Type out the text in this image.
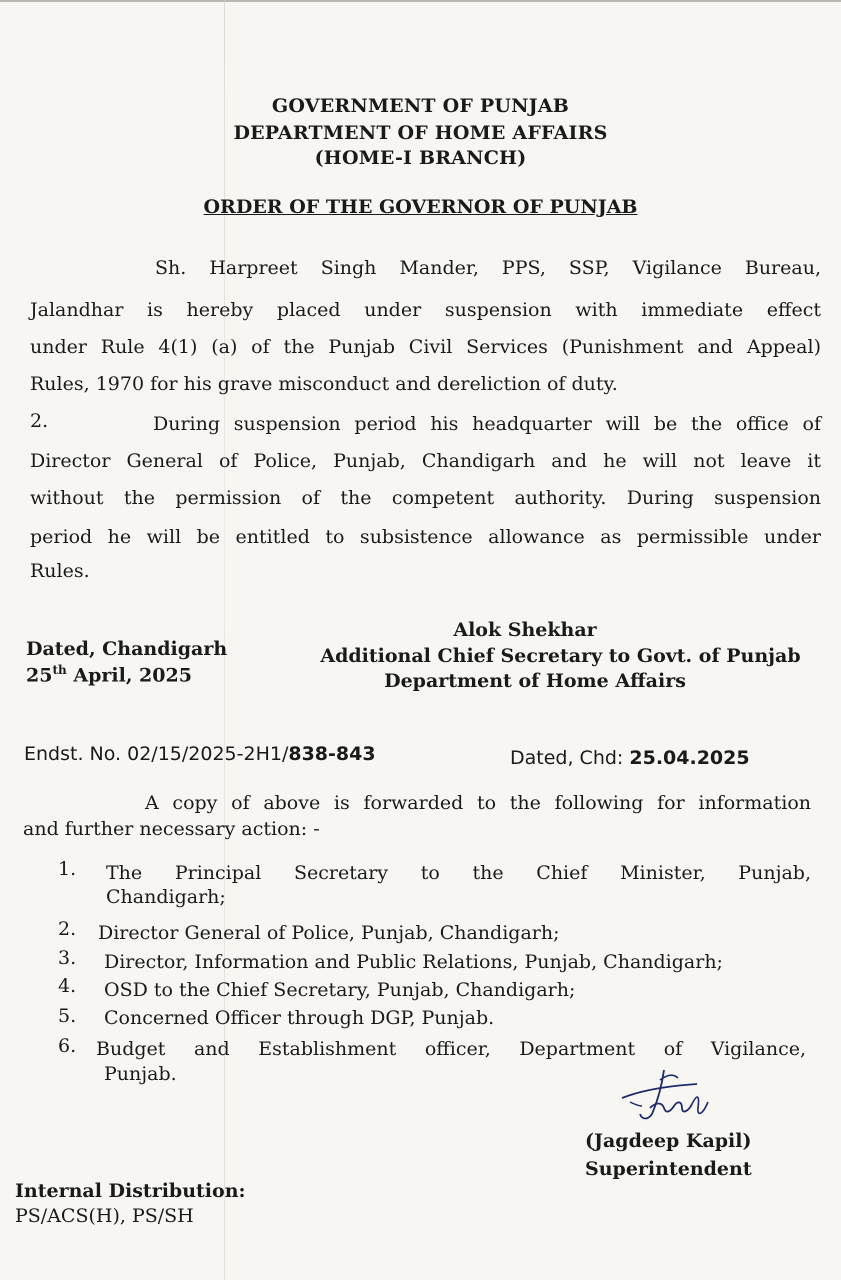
GOVERNMENT OF PUNJAB
DEPARTMENT OF HOME AFFAIRS
(HOME-I BRANCH)
ORDER OF THE GOVERNOR OF PUNJAB
Sh. Harpreet Singh Mander, PPS, SSP, Vigilance Bureau,
Jalandhar is hereby placed under suspension with immediate effect
under Rule 4(1) (a) of the Punjab Civil Services (Punishment and Appeal)
Rules, 1970 for his grave misconduct and dereliction of duty.
2.	During suspension period his headquarter will be the office of
Director General of Police, Punjab, Chandigarh and he will not leave it
without the permission of the competent authority. During suspension
period he will be entitled to subsistence allowance as permissible under
Rules.
Dated, Chandigarh
25th April, 2025
Alok Shekhar
Additional Chief Secretary to Govt. of Punjab
Department of Home Affairs
Endst. No. 02/15/2025-2H1/838-843	Dated, Chd: 25.04.2025
A copy of above is forwarded to the following for information
and further necessary action: -
1.	The Principal Secretary to the Chief Minister, Punjab,
Chandigarh;
2.	Director General of Police, Punjab, Chandigarh;
3.	Director, Information and Public Relations, Punjab, Chandigarh;
4.	OSD to the Chief Secretary, Punjab, Chandigarh;
5.	Concerned Officer through DGP, Punjab.
6.	Budget and Establishment officer, Department of Vigilance,
Punjab.
(Jagdeep Kapil)
Superintendent
Internal Distribution:
PS/ACS(H), PS/SH
